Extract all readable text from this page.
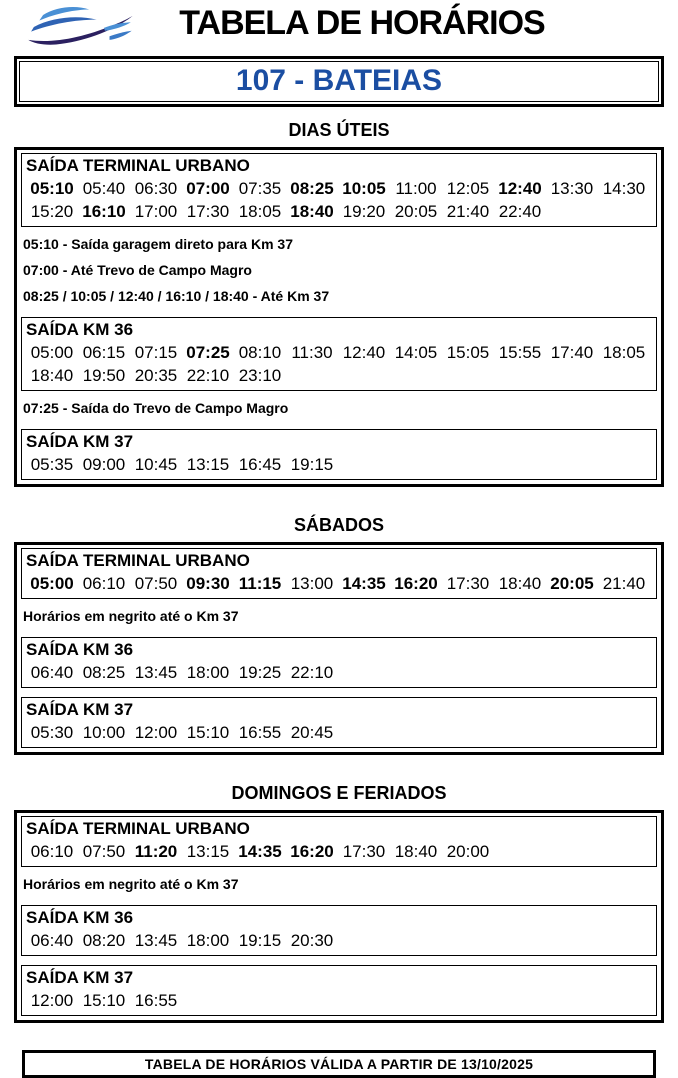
TABELA DE HORÁRIOS
107 - BATEIAS
DIAS ÚTEIS
SAÍDA TERMINAL URBANO
05:10 05:40 06:30 07:00 07:35 08:25 10:05 11:00 12:05 12:40 13:30 14:30
15:20 16:10 17:00 17:30 18:05 18:40 19:20 20:05 21:40 22:40
05:10 - Saída garagem direto para Km 37
07:00 - Até Trevo de Campo Magro
08:25 / 10:05 / 12:40 / 16:10 / 18:40 - Até Km 37
SAÍDA KM 36
05:00 06:15 07:15 07:25 08:10 11:30 12:40 14:05 15:05 15:55 17:40 18:05
18:40 19:50 20:35 22:10 23:10
07:25 - Saída do Trevo de Campo Magro
SAÍDA KM 37
05:35 09:00 10:45 13:15 16:45 19:15
SÁBADOS
SAÍDA TERMINAL URBANO
05:00 06:10 07:50 09:30 11:15 13:00 14:35 16:20 17:30 18:40 20:05 21:40
Horários em negrito até o Km 37
SAÍDA KM 36
06:40 08:25 13:45 18:00 19:25 22:10
SAÍDA KM 37
05:30 10:00 12:00 15:10 16:55 20:45
DOMINGOS E FERIADOS
SAÍDA TERMINAL URBANO
06:10 07:50 11:20 13:15 14:35 16:20 17:30 18:40 20:00
Horários em negrito até o Km 37
SAÍDA KM 36
06:40 08:20 13:45 18:00 19:15 20:30
SAÍDA KM 37
12:00 15:10 16:55
TABELA DE HORÁRIOS VÁLIDA A PARTIR DE 13/10/2025
